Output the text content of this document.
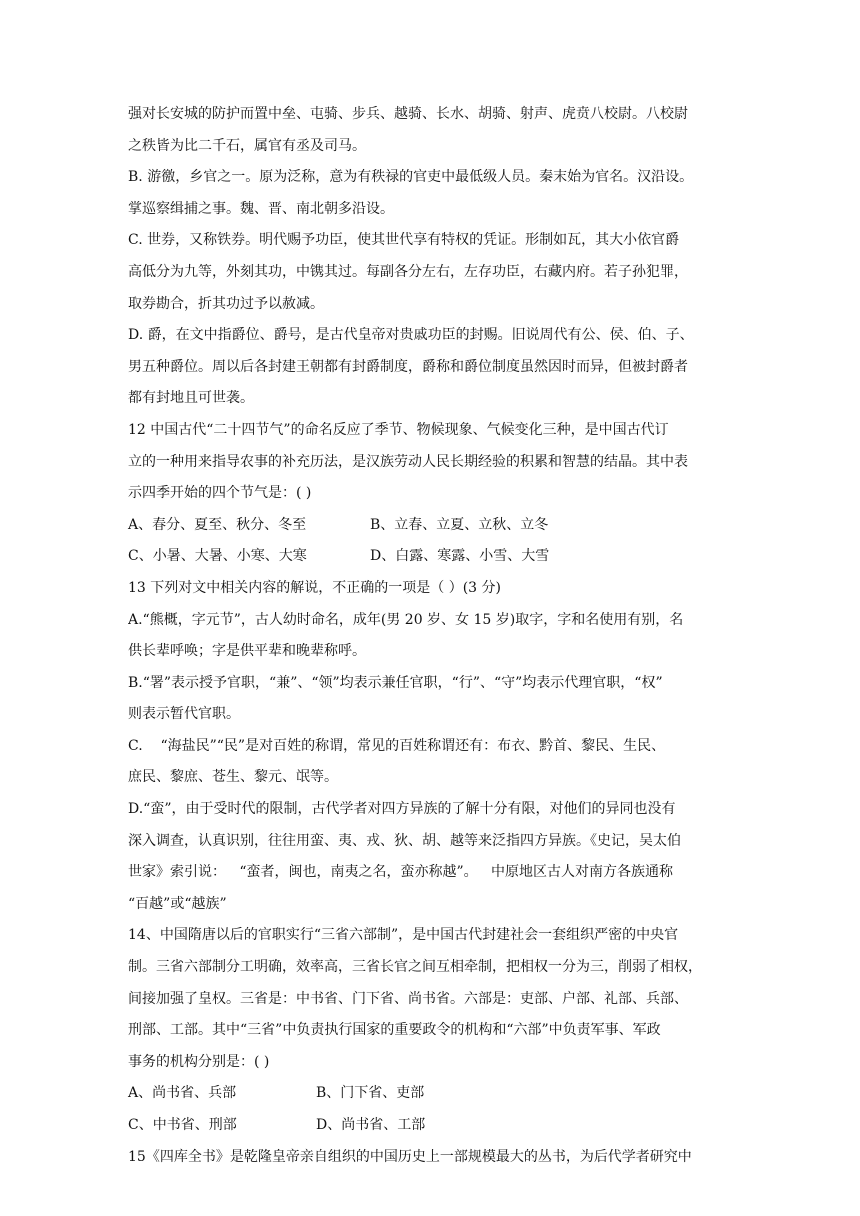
强对长安城的防护而置中垒、屯骑、步兵、越骑、长水、胡骑、射声、虎贲八校尉。八校尉
之秩皆为比二千石，属官有丞及司马。
B. 游徼，乡官之一。原为泛称，意为有秩禄的官吏中最低级人员。秦末始为官名。汉沿设。
掌巡察缉捕之事。魏、晋、南北朝多沿设。
C. 世券，又称铁券。明代赐予功臣，使其世代享有特权的凭证。形制如瓦，其大小依官爵
高低分为九等，外刻其功，中镌其过。每副各分左右，左存功臣，右藏内府。若子孙犯罪，
取券勘合，折其功过予以赦减。
D. 爵，在文中指爵位、爵号，是古代皇帝对贵戚功臣的封赐。旧说周代有公、侯、伯、子、
男五种爵位。周以后各封建王朝都有封爵制度，爵称和爵位制度虽然因时而异，但被封爵者
都有封地且可世袭。
12 中国古代“二十四节气”的命名反应了季节、物候现象、气候变化三种，是中国古代订
立的一种用来指导农事的补充历法，是汉族劳动人民长期经验的积累和智慧的结晶。其中表
示四季开始的四个节气是：( )
A、春分、夏至、秋分、冬至	B、立春、立夏、立秋、立冬
C、小暑、大暑、小寒、大寒	D、白露、寒露、小雪、大雪
13 下列对文中相关内容的解说，不正确的一项是（ ）(3 分)
A.“熊概，字元节”，古人幼时命名，成年(男 20 岁、女 15 岁)取字，字和名使用有别，名
供长辈呼唤；字是供平辈和晚辈称呼。
B.“署”表示授予官职，“兼”、“领”均表示兼任官职，“行”、“守”均表示代理官职，“权”
则表示暂代官职。
C.    “海盐民”“民”是对百姓的称谓，常见的百姓称谓还有：布衣、黔首、黎民、生民、
庶民、黎庶、苍生、黎元、氓等。
D.“蛮”，由于受时代的限制，古代学者对四方异族的了解十分有限，对他们的异同也没有
深入调查，认真识别，往往用蛮、夷、戎、狄、胡、越等来泛指四方异族。《史记，吴太伯
世家》索引说：   “蛮者，闽也，南夷之名，蛮亦称越”。   中原地区古人对南方各族通称
“百越”或“越族”
14、中国隋唐以后的官职实行“三省六部制”，是中国古代封建社会一套组织严密的中央官
制。三省六部制分工明确，效率高，三省长官之间互相牵制，把相权一分为三，削弱了相权，
间接加强了皇权。三省是：中书省、门下省、尚书省。六部是：吏部、户部、礼部、兵部、
刑部、工部。其中“三省”中负责执行国家的重要政令的机构和“六部”中负责军事、军政
事务的机构分别是：( )
A、尚书省、兵部	B、门下省、吏部
C、中书省、刑部	D、尚书省、工部
15《四库全书》是乾隆皇帝亲自组织的中国历史上一部规模最大的丛书，为后代学者研究中
